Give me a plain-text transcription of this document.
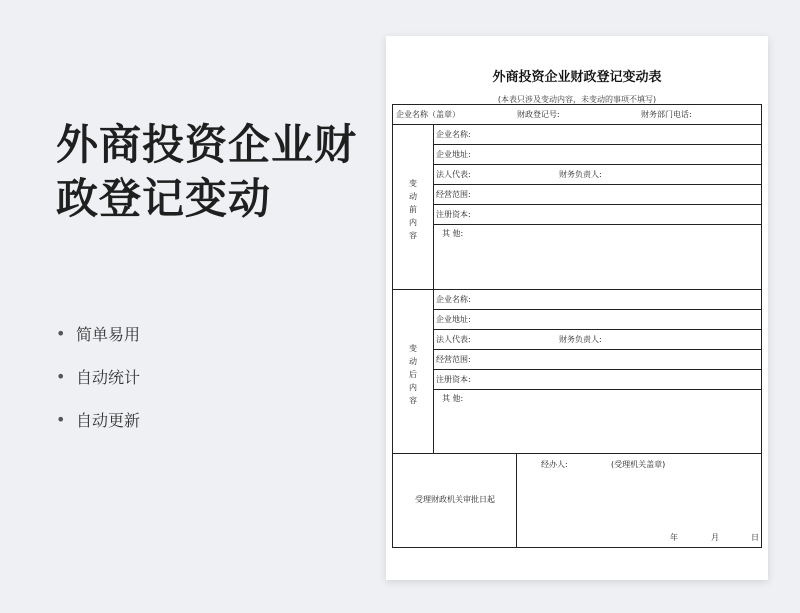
外商投资企业财
政登记变动
• 简单易用
• 自动统计
• 自动更新
外商投资企业财政登记变动表
(本表只涉及变动内容，未变动的事项不填写)
企业名称（盖章）	财政登记号:	财务部门电话:
变
动
前
内
容
企业名称:
企业地址:
法人代表:	财务负责人:
经营范围:
注册资本:
其 他:
变
动
后
内
容
企业名称:
企业地址:
法人代表:	财务负责人:
经营范围:
注册资本:
其 他:
受理财政机关审批日起
经办人:	(受理机关盖章)
年	月	日
